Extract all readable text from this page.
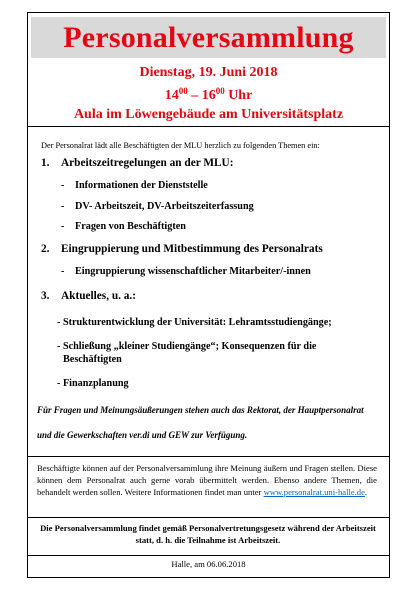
Personalversammlung
Dienstag, 19. Juni 2018
$14^{00} - 16^{00}$ Uhr
Aula im Löwengebäude am Universitätsplatz
Der Personalrat lädt alle Beschäftigten der MLU herzlich zu folgenden Themen ein:
1. Arbeitszeitregelungen an der MLU:
- Informationen der Dienststelle
- DV- Arbeitszeit, DV-Arbeitszeiterfassung
- Fragen von Beschäftigten
2. Eingruppierung und Mitbestimmung des Personalrats
- Eingruppierung wissenschaftlicher Mitarbeiter/-innen
3. Aktuelles, u. a.:
- Strukturentwicklung der Universität: Lehramtsstudiengänge;
- Schließung „kleiner Studiengänge“; Konsequenzen für die
Beschäftigten
- Finanzplanung
Für Fragen und Meinungsäußerungen stehen auch das Rektorat, der Hauptpersonalrat
und die Gewerkschaften ver.di und GEW zur Verfügung.
Beschäftigte können auf der Personalversammlung ihre Meinung äußern und Fragen stellen. Diese können dem Personalrat auch gerne vorab übermittelt werden. Ebenso andere Themen, die behandelt werden sollen. Weitere Informationen findet man unter www.personalrat.uni-halle.de.
Die Personalversammlung findet gemäß Personalvertretungsgesetz während der Arbeitszeit statt, d. h. die Teilnahme ist Arbeitszeit.
Halle, am 06.06.2018
